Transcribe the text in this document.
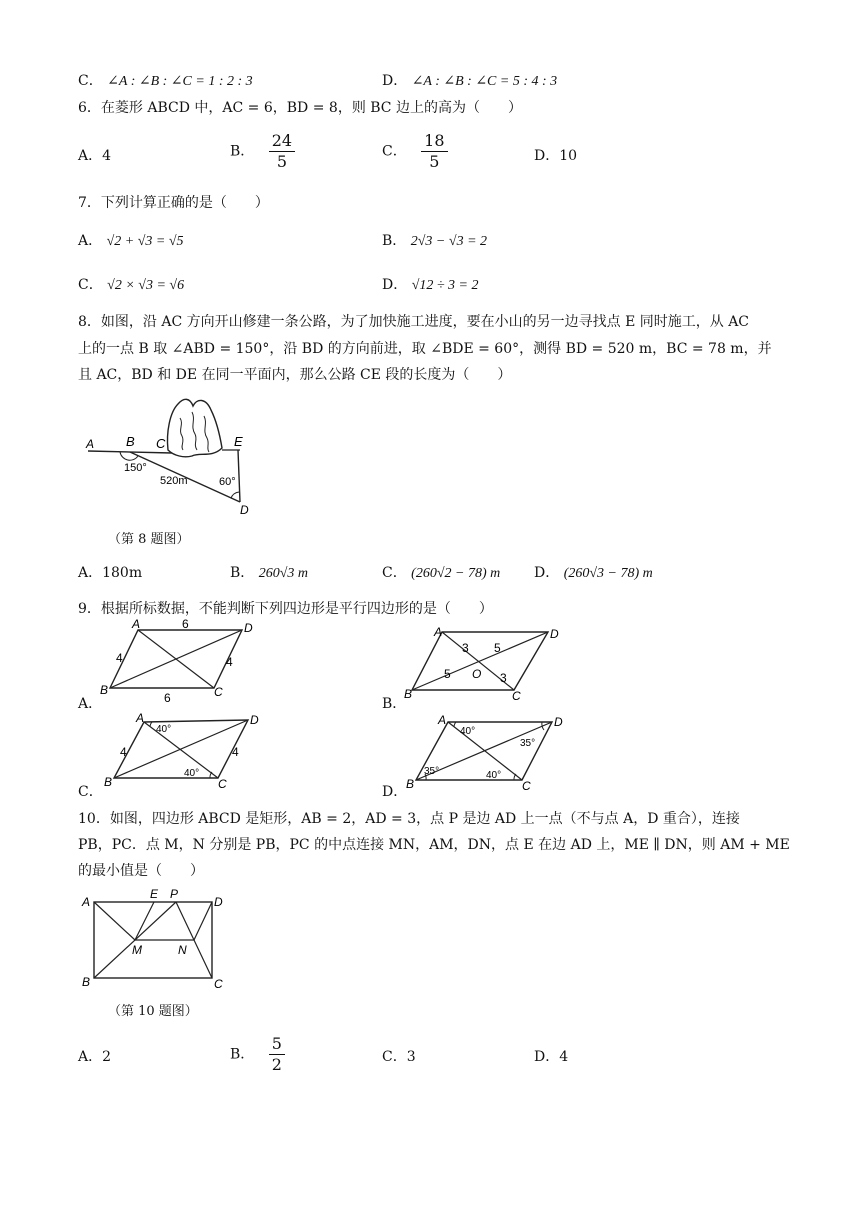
C． ∠A : ∠B : ∠C = 1 : 2 : 3	D． ∠A : ∠B : ∠C = 5 : 4 : 3
6．在菱形 ABCD 中，AC = 6，BD = 8，则 BC 边上的高为（　　）
A．4	B． $\frac{24}{5}$	C． $\frac{18}{5}$	D．10
7．下列计算正确的是（　　）
A． √2 + √3 = √5	B． 2√3 − √3 = 2
C． √2 × √3 = √6	D． √12 ÷ 3 = 2
8．如图，沿 AC 方向开山修建一条公路，为了加快施工进度，要在小山的另一边寻找点 E 同时施工，从 AC
上的一点 B 取 ∠ABD = 150°，沿 BD 的方向前进，取 ∠BDE = 60°，测得 BD = 520 m，BC = 78 m，并
且 AC，BD 和 DE 在同一平面内，那么公路 CE 段的长度为（　　）
A B C	E
D
150°
520m	60°
（第 8 题图）
A．180m	B． 260√3 m	C． (260√2 − 78) m D． (260√3 − 78) m
9．根据所标数据，不能判断下列四边形是平行四边形的是（　　）
A．
A	D
B	C
6
6
4	4
B．
A	D
B	C
O
3 5
5	3
C．
A	D
B	C
4	4
40°
40°
D．
A	D
B	C
40°
35°
35°	40°
10．如图，四边形 ABCD 是矩形，AB = 2，AD = 3，点 P 是边 AD 上一点（不与点 A，D 重合），连接
PB，PC．点 M，N 分别是 PB，PC 的中点连接 MN，AM，DN，点 E 在边 AD 上，ME ∥ DN，则 AM + ME
的最小值是（　　）
A
E P
D
M	N
B	C
（第 10 题图）
A．2	B． $\frac{5}{2}$	C．3	D．4
